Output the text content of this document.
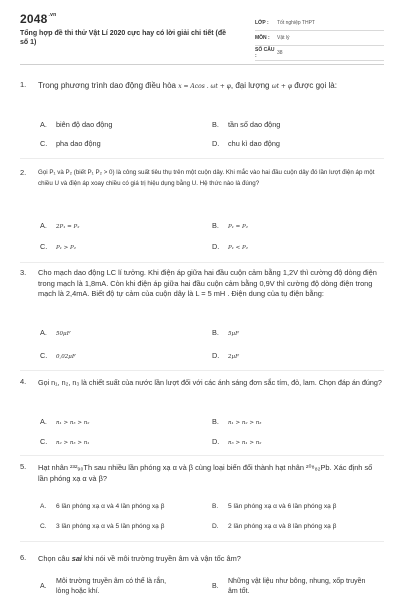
$2048^{.vn}$
Tổng hợp đề thi thử Vật Lí 2020 cực hay có lời giải chi tiết (đề số 1)
LỚP :	Tốt nghiệp THPT
MÔN :	Vật lý
SỐ CÂU :	38
1. Trong phương trình dao động điều hòa x = Acos . ωt + φ, đại lượng ωt + φ được gọi là:
A. biên độ dao động	B. tần số dao động
C. pha dao động	D. chu kì dao động
2. Gọi P₁ và P₂ (biết P₁ P₂ > 0) là công suất tiêu thụ trên một cuộn dây. Khi mắc vào hai đầu cuộn dây đó lần lượt điện áp một chiều U và điện áp xoay chiều có giá trị hiệu dụng bằng U. Hệ thức nào là đúng?
A. 2P₁ = P₂	B. P₁ = P₂
C. P₁ > P₂	D. P₁ < P₂
3. Cho mạch dao động LC lí tưởng. Khi điện áp giữa hai đầu cuộn cảm bằng 1,2V thì cường độ dòng điện trong mạch là 1,8mA. Còn khi điện áp giữa hai đầu cuộn cảm bằng 0,9V thì cường độ dòng điện trong mạch là 2,4mA. Biết độ tự cảm của cuộn dây là L = 5 mH . Điện dung của tụ điện bằng:
A. 50μF	B. 5μF
C. 0,02μF	D. 2μF
4. Gọi n₁, n₂, n₃ là chiết suất của nước lần lượt đối với các ánh sáng đơn sắc tím, đỏ, lam. Chọn đáp án đúng?
A. n₁ > n₃ > n₂	B. n₁ > n₂ > n₃
C. n₂ > n₃ > n₁	D. n₃ > n₁ > n₂
5. Hạt nhân ²³²₉₀Th sau nhiều lần phóng xạ α và β cùng loại biến đổi thành hạt nhân ²⁰⁸₈₂Pb. Xác định số lần phóng xạ α và β?
A. 6 lần phóng xạ α và 4 lần phóng xạ β	B. 5 lần phóng xạ α và 6 lần phóng xạ β
C. 3 lần phóng xạ α và 5 lần phóng xạ β	D. 2 lần phóng xạ α và 8 lần phóng xạ β
6. Chọn câu sai khi nói về môi trường truyền âm và vận tốc âm?
A.Môi trường truyền âm có thể là rắn, lỏng hoặc khí.
B.Những vật liệu như bông, nhung, xốp truyền âm tốt.
